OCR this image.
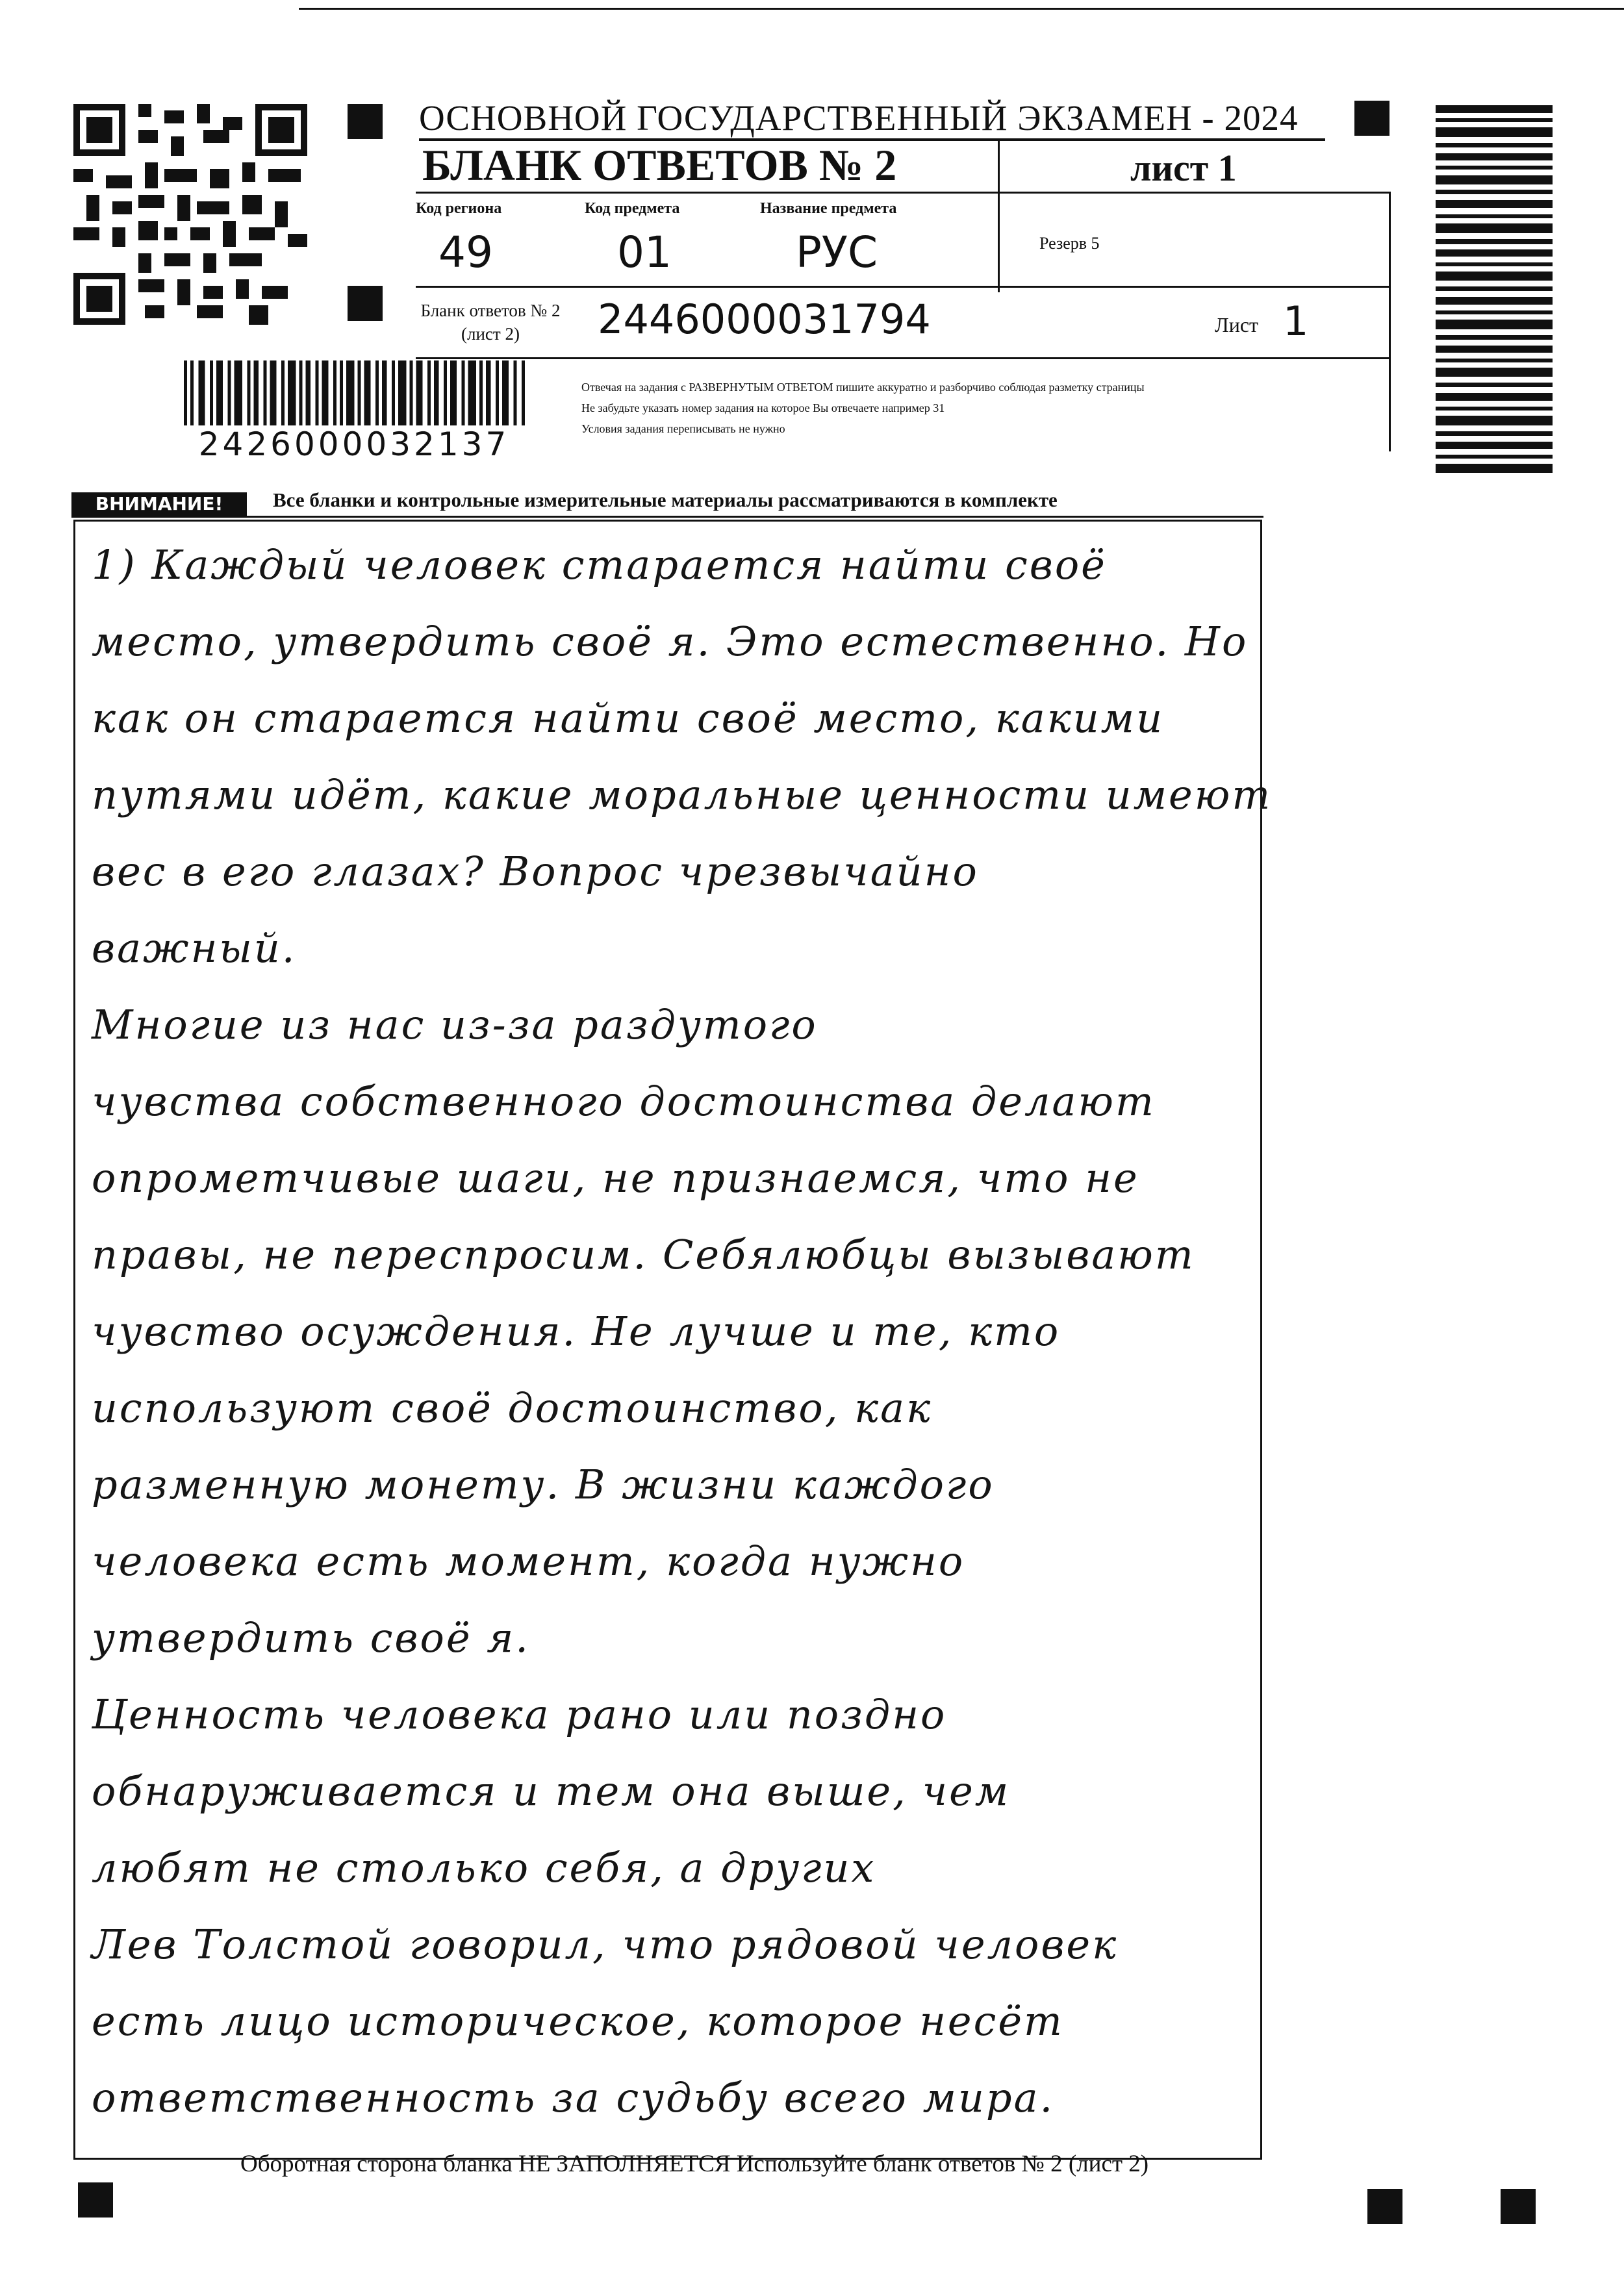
2426000032137
ОСНОВНОЙ ГОСУДАРСТВЕННЫЙ ЭКЗАМЕН - 2024
БЛАНК ОТВЕТОВ № 2	лист 1
Код региона
49
Код предмета
01
Название предмета
РУС	Резерв 5
Бланк ответов № 2
(лист 2)	2446000031794	Лист 1
Отвечая на задания с РАЗВЕРНУТЫМ ОТВЕТОМ пишите аккуратно и разборчиво соблюдая разметку страницы
Не забудьте указать номер задания на которое Вы отвечаете например 31
Условия задания переписывать не нужно
ВНИМАНИЕ!	Все бланки и контрольные измерительные материалы рассматриваются в комплекте
1) Каждый человек старается найти своё
место, утвердить своё я. Это естественно. Но
как он старается найти своё место, какими
путями идёт, какие моральные ценности имеют
вес в его глазах? Вопрос чрезвычайно
важный.
Многие из нас из-за раздутого
чувства собственного достоинства делают
опрометчивые шаги, не признаемся, что не
правы, не переспросим. Себялюбцы вызывают
чувство осуждения. Не лучше и те, кто
используют своё достоинство, как
разменную монету. В жизни каждого
человека есть момент, когда нужно
утвердить своё я.
Ценность человека рано или поздно
обнаруживается и тем она выше, чем
любят не столько себя, а других
Лев Толстой говорил, что рядовой человек
есть лицо историческое, которое несёт
ответственность за судьбу всего мира.
Оборотная сторона бланка НЕ ЗАПОЛНЯЕТСЯ Используйте бланк ответов № 2 (лист 2)
